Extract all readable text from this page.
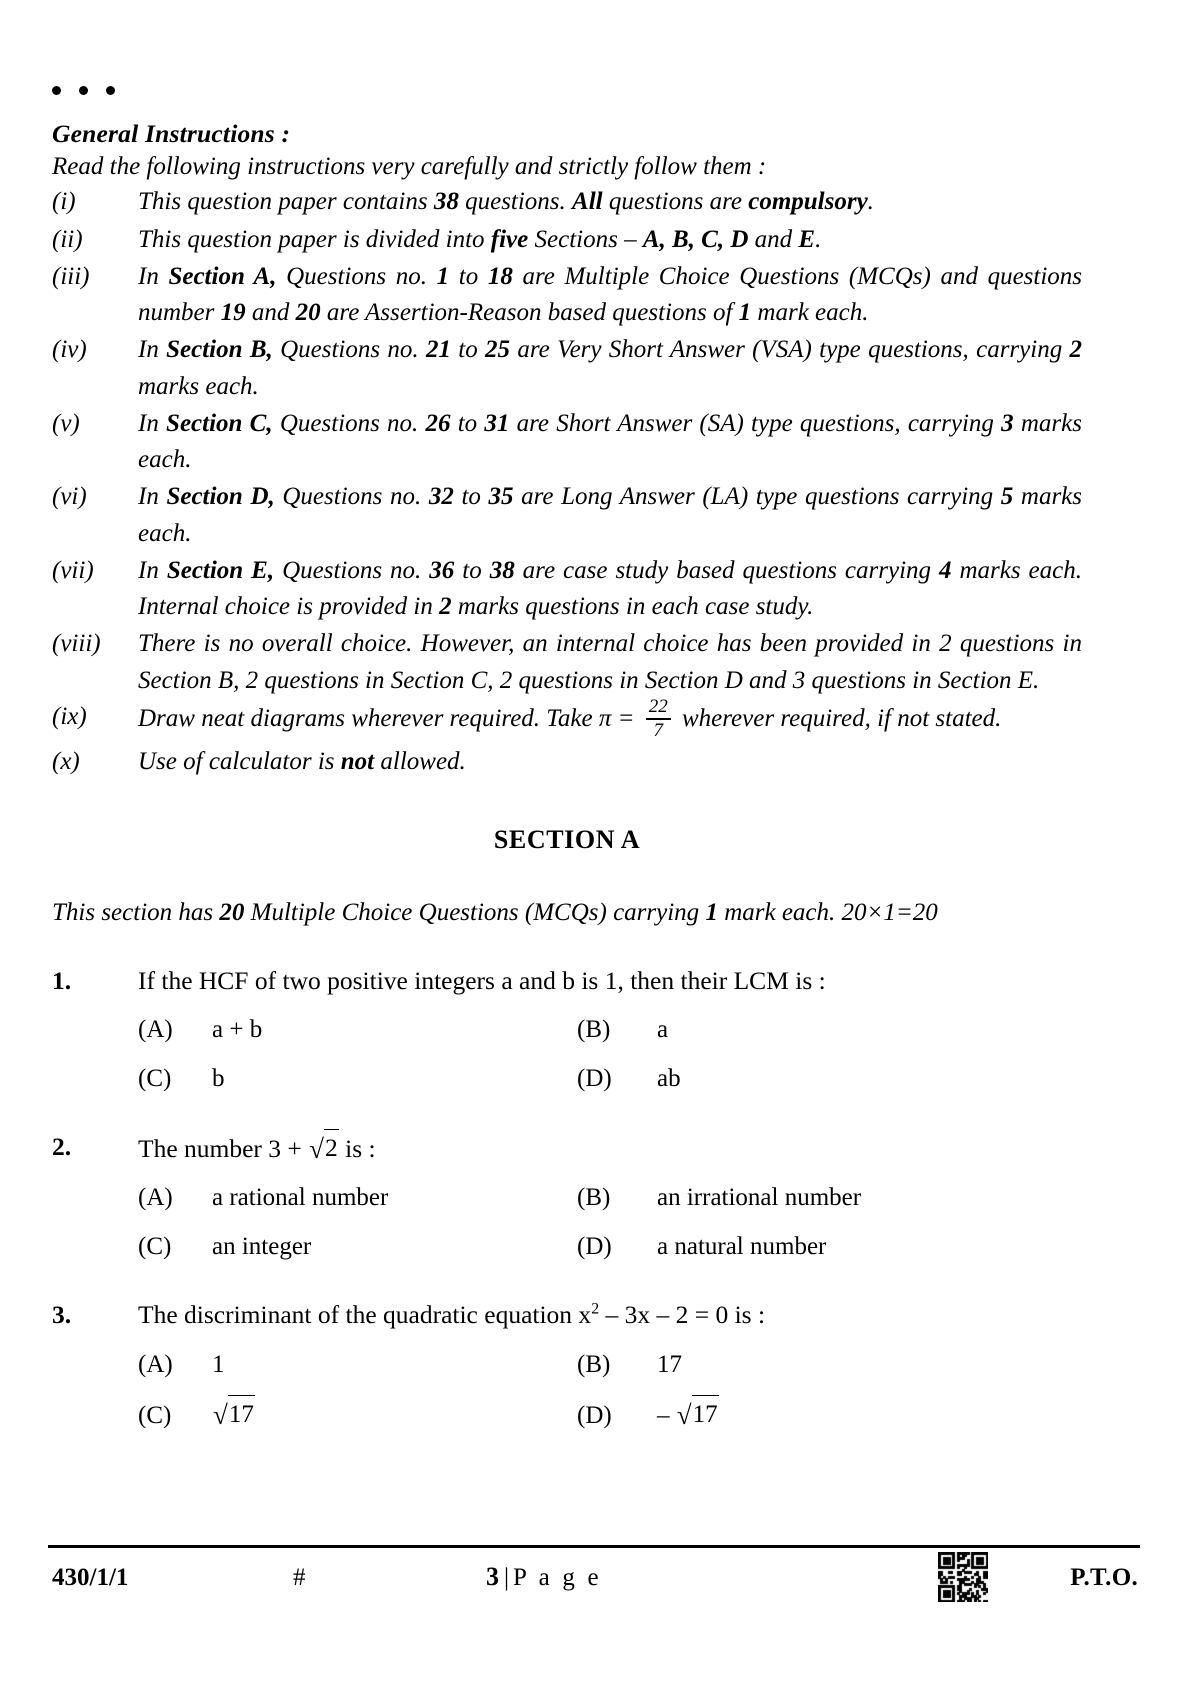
General Instructions :
Read the following instructions very carefully and strictly follow them :
(i)	This question paper contains 38 questions. All questions are compulsory.
(ii)	This question paper is divided into five Sections – A, B, C, D and E.
(iii)	In Section A, Questions no. 1 to 18 are Multiple Choice Questions (MCQs) and questions number 19 and 20 are Assertion-Reason based questions of 1 mark each.
(iv)	In Section B, Questions no. 21 to 25 are Very Short Answer (VSA) type questions, carrying 2 marks each.
(v)	In Section C, Questions no. 26 to 31 are Short Answer (SA) type questions, carrying 3 marks each.
(vi)	In Section D, Questions no. 32 to 35 are Long Answer (LA) type questions carrying 5 marks each.
(vii)	In Section E, Questions no. 36 to 38 are case study based questions carrying 4 marks each. Internal choice is provided in 2 marks questions in each case study.
(viii)	There is no overall choice. However, an internal choice has been provided in 2 questions in Section B, 2 questions in Section C, 2 questions in Section D and 3 questions in Section E.
(ix)	Draw neat diagrams wherever required. Take $\pi = \frac{22}{7}$ wherever required, if not stated.
(x)	Use of calculator is not allowed.
SECTION A
This section has 20 Multiple Choice Questions (MCQs) carrying 1 mark each. 20×1=20
1.	If the HCF of two positive integers a and b is 1, then their LCM is :
(A)	a + b	(B)	a
(C)	b	(D)	ab
2.	The number 3 + √2 is :
(A)	a rational number	(B)	an irrational number
(C)	an integer	(D)	a natural number
3.	The discriminant of the quadratic equation $x^2 - 3x - 2 = 0$ is :
(A)	1	(B)	17
(C)	√17	(D)	– √17
430/1/1	#	3 | P a g e	P.T.O.
